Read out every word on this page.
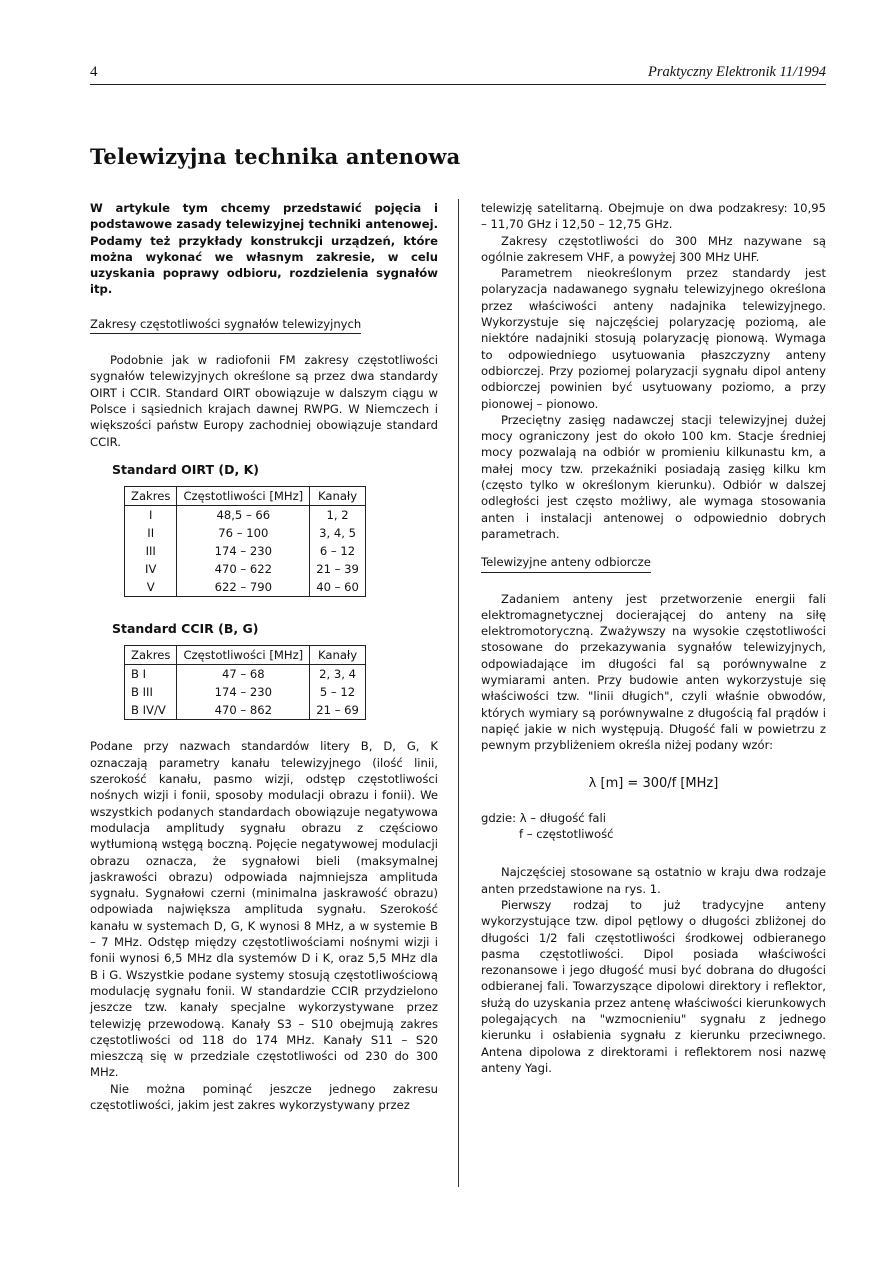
4	Praktyczny Elektronik 11/1994
Telewizyjna technika antenowa

W artykule tym chcemy przedstawić pojęcia i podstawowe zasady telewizyjnej techniki antenowej. Podamy też przykłady konstrukcji urządzeń, które można wykonać we własnym zakresie, w celu uzyskania poprawy odbioru, rozdzielenia sygnałów itp.

Zakresy częstotliwości sygnałów telewizyjnych

Podobnie jak w radiofonii FM zakresy częstotliwości sygnałów telewizyjnych określone są przez dwa standardy OIRT i CCIR. Standard OIRT obowiązuje w dalszym ciągu w Polsce i sąsiednich krajach dawnej RWPG. W Niemczech i większości państw Europy zachodniej obowiązuje standard CCIR.

Standard OIRT (D, K)
Zakres	Częstotliwości [MHz]	Kanały
I	48,5 – 66	1, 2
II	76 – 100	3, 4, 5
III	174 – 230	6 – 12
IV	470 – 622	21 – 39
V	622 – 790	40 – 60
Standard CCIR (B, G)
Zakres	Częstotliwości [MHz]	Kanały
B I	47 – 68	2, 3, 4
B III	174 – 230	5 – 12
B IV/V	470 – 862	21 – 69

Podane przy nazwach standardów litery B, D, G, K oznaczają parametry kanału telewizyjnego (ilość linii, szerokość kanału, pasmo wizji, odstęp częstotliwości nośnych wizji i fonii, sposoby modulacji obrazu i fonii). We wszystkich podanych standardach obowiązuje negatywowa modulacja amplitudy sygnału obrazu z częściowo wytłumioną wstęgą boczną. Pojęcie negatywowej modulacji obrazu oznacza, że sygnałowi bieli (maksymalnej jaskrawości obrazu) odpowiada najmniejsza amplituda sygnału. Sygnałowi czerni (minimalna jaskrawość obrazu) odpowiada największa amplituda sygnału. Szerokość kanału w systemach D, G, K wynosi 8 MHz, a w systemie B – 7 MHz. Odstęp między częstotliwościami nośnymi wizji i fonii wynosi 6,5 MHz dla systemów D i K, oraz 5,5 MHz dla B i G. Wszystkie podane systemy stosują częstotliwościową modulację sygnału fonii. W standardzie CCIR przydzielono jeszcze tzw. kanały specjalne wykorzystywane przez telewizję przewodową. Kanały S3 – S10 obejmują zakres częstotliwości od 118 do 174 MHz. Kanały S11 – S20 mieszczą się w przedziale częstotliwości od 230 do 300 MHz.

Nie można pominąć jeszcze jednego zakresu częstotliwości, jakim jest zakres wykorzystywany przez

telewizję satelitarną. Obejmuje on dwa podzakresy: 10,95 – 11,70 GHz i 12,50 – 12,75 GHz.

Zakresy częstotliwości do 300 MHz nazywane są ogólnie zakresem VHF, a powyżej 300 MHz UHF.

Parametrem nieokreślonym przez standardy jest polaryzacja nadawanego sygnału telewizyjnego określona przez właściwości anteny nadajnika telewizyjnego. Wykorzystuje się najczęściej polaryzację poziomą, ale niektóre nadajniki stosują polaryzację pionową. Wymaga to odpowiedniego usytuowania płaszczyzny anteny odbiorczej. Przy poziomej polaryzacji sygnału dipol anteny odbiorczej powinien być usytuowany poziomo, a przy pionowej – pionowo.

Przeciętny zasięg nadawczej stacji telewizyjnej dużej mocy ograniczony jest do około 100 km. Stacje średniej mocy pozwalają na odbiór w promieniu kilkunastu km, a małej mocy tzw. przekaźniki posiadają zasięg kilku km (często tylko w określonym kierunku). Odbiór w dalszej odległości jest często możliwy, ale wymaga stosowania anten i instalacji antenowej o odpowiednio dobrych parametrach.

Telewizyjne anteny odbiorcze

Zadaniem anteny jest przetworzenie energii fali elektromagnetycznej docierającej do anteny na siłę elektromotoryczną. Zważywszy na wysokie częstotliwości stosowane do przekazywania sygnałów telewizyjnych, odpowiadające im długości fal są porównywalne z wymiarami anten. Przy budowie anten wykorzystuje się właściwości tzw. "linii długich", czyli właśnie obwodów, których wymiary są porównywalne z długością fal prądów i napięć jakie w nich występują. Długość fali w powietrzu z pewnym przybliżeniem określa niżej podany wzór:

λ [m] = 300/f [MHz]
gdzie: λ – długość fali
f – częstotliwość

Najczęściej stosowane są ostatnio w kraju dwa rodzaje anten przedstawione na rys. 1.

Pierwszy rodzaj to już tradycyjne anteny wykorzystujące tzw. dipol pętlowy o długości zbliżonej do długości 1/2 fali częstotliwości środkowej odbieranego pasma częstotliwości. Dipol posiada właściwości rezonansowe i jego długość musi być dobrana do długości odbieranej fali. Towarzyszące dipolowi direktory i reflektor, służą do uzyskania przez antenę właściwości kierunkowych polegających na "wzmocnieniu" sygnału z jednego kierunku i osłabienia sygnału z kierunku przeciwnego. Antena dipolowa z direktorami i reflektorem nosi nazwę anteny Yagi.
